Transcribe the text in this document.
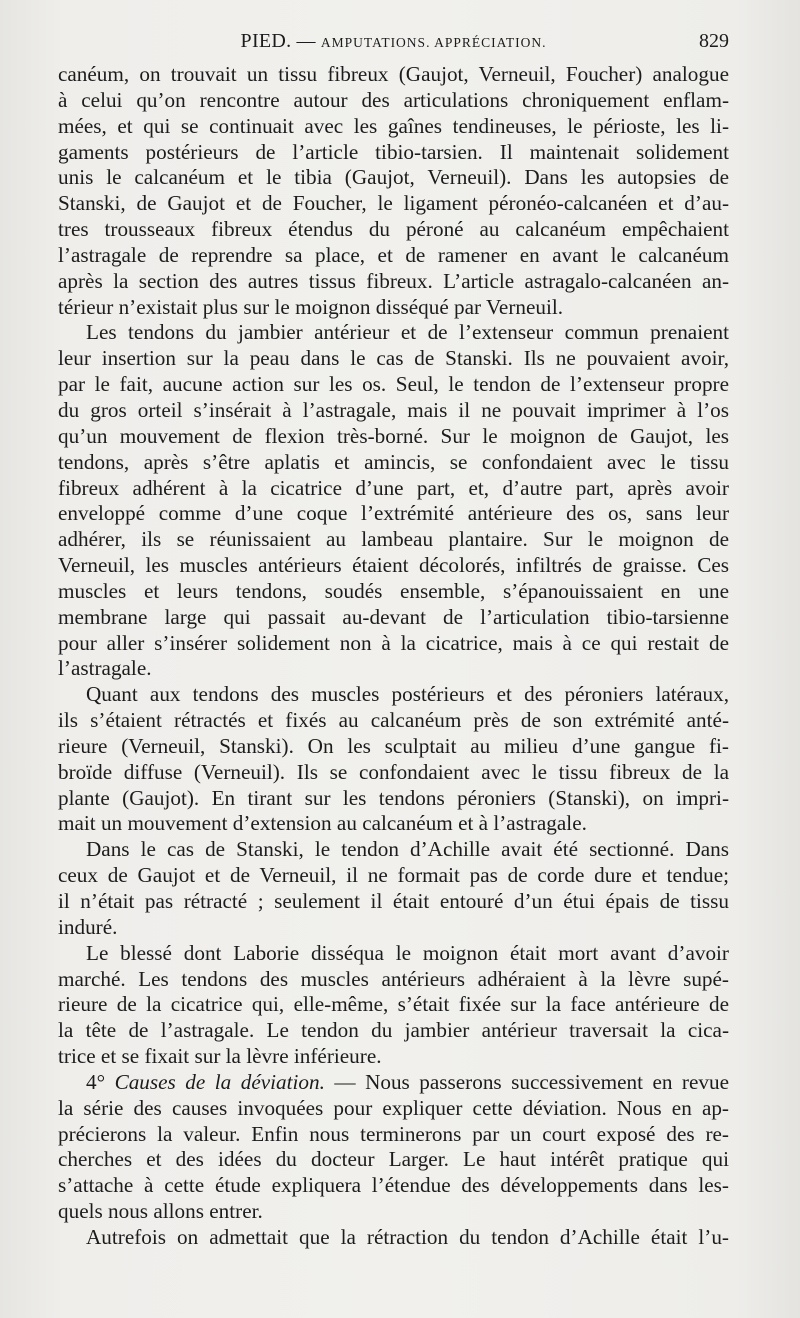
PIED. — AMPUTATIONS. APPRÉCIATION.	829
canéum, on trouvait un tissu fibreux (Gaujot, Verneuil, Foucher) analogue
à celui qu’on rencontre autour des articulations chroniquement enflam-
mées, et qui se continuait avec les gaînes tendineuses, le périoste, les li-
gaments postérieurs de l’article tibio-tarsien. Il maintenait solidement
unis le calcanéum et le tibia (Gaujot, Verneuil). Dans les autopsies de
Stanski, de Gaujot et de Foucher, le ligament péronéo-calcanéen et d’au-
tres trousseaux fibreux étendus du péroné au calcanéum empêchaient
l’astragale de reprendre sa place, et de ramener en avant le calcanéum
après la section des autres tissus fibreux. L’article astragalo-calcanéen an-
térieur n’existait plus sur le moignon disséqué par Verneuil.
Les tendons du jambier antérieur et de l’extenseur commun prenaient
leur insertion sur la peau dans le cas de Stanski. Ils ne pouvaient avoir,
par le fait, aucune action sur les os. Seul, le tendon de l’extenseur propre
du gros orteil s’insérait à l’astragale, mais il ne pouvait imprimer à l’os
qu’un mouvement de flexion très-borné. Sur le moignon de Gaujot, les
tendons, après s’être aplatis et amincis, se confondaient avec le tissu
fibreux adhérent à la cicatrice d’une part, et, d’autre part, après avoir
enveloppé comme d’une coque l’extrémité antérieure des os, sans leur
adhérer, ils se réunissaient au lambeau plantaire. Sur le moignon de
Verneuil, les muscles antérieurs étaient décolorés, infiltrés de graisse. Ces
muscles et leurs tendons, soudés ensemble, s’épanouissaient en une
membrane large qui passait au-devant de l’articulation tibio-tarsienne
pour aller s’insérer solidement non à la cicatrice, mais à ce qui restait de
l’astragale.
Quant aux tendons des muscles postérieurs et des péroniers latéraux,
ils s’étaient rétractés et fixés au calcanéum près de son extrémité anté-
rieure (Verneuil, Stanski). On les sculptait au milieu d’une gangue fi-
broïde diffuse (Verneuil). Ils se confondaient avec le tissu fibreux de la
plante (Gaujot). En tirant sur les tendons péroniers (Stanski), on impri-
mait un mouvement d’extension au calcanéum et à l’astragale.
Dans le cas de Stanski, le tendon d’Achille avait été sectionné. Dans
ceux de Gaujot et de Verneuil, il ne formait pas de corde dure et tendue;
il n’était pas rétracté ; seulement il était entouré d’un étui épais de tissu
induré.
Le blessé dont Laborie disséqua le moignon était mort avant d’avoir
marché. Les tendons des muscles antérieurs adhéraient à la lèvre supé-
rieure de la cicatrice qui, elle-même, s’était fixée sur la face antérieure de
la tête de l’astragale. Le tendon du jambier antérieur traversait la cica-
trice et se fixait sur la lèvre inférieure.
4° Causes de la déviation. — Nous passerons successivement en revue
la série des causes invoquées pour expliquer cette déviation. Nous en ap-
précierons la valeur. Enfin nous terminerons par un court exposé des re-
cherches et des idées du docteur Larger. Le haut intérêt pratique qui
s’attache à cette étude expliquera l’étendue des développements dans les-
quels nous allons entrer.
Autrefois on admettait que la rétraction du tendon d’Achille était l’u-
